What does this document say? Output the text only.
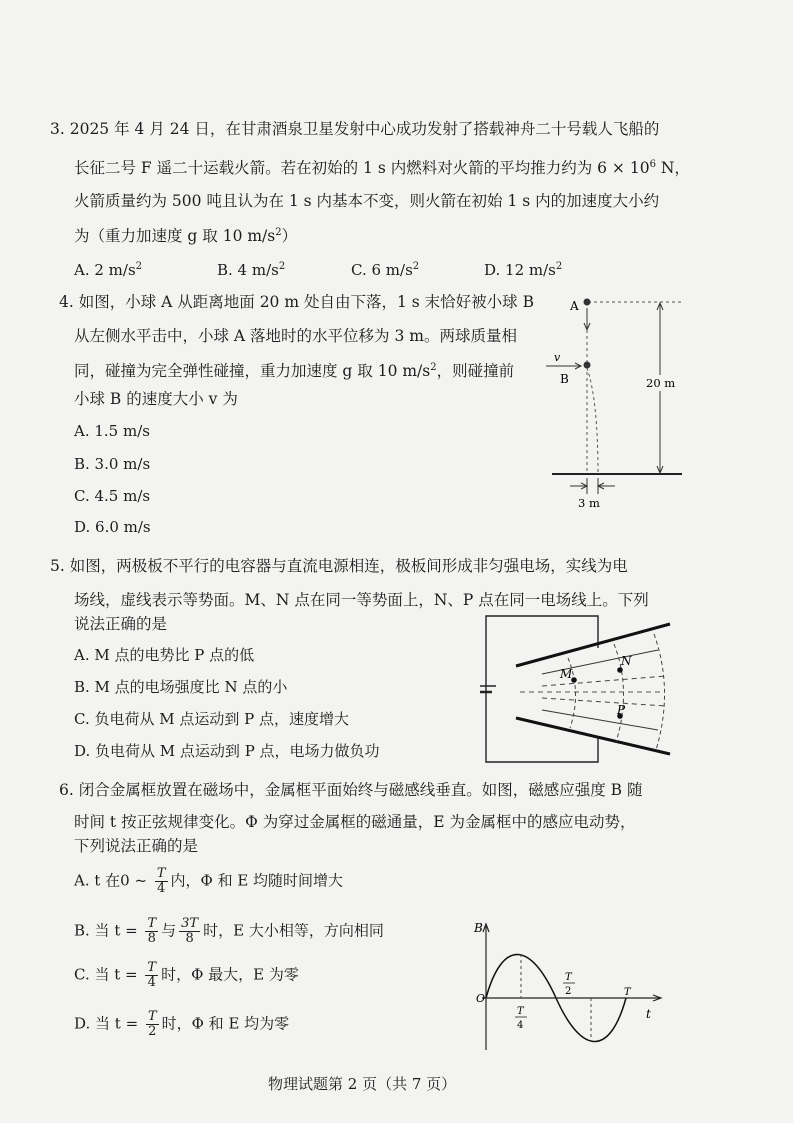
3. 2025 年 4 月 24 日，在甘肃酒泉卫星发射中心成功发射了搭载神舟二十号载人飞船的
长征二号 F 遥二十运载火箭。若在初始的 1 s 内燃料对火箭的平均推力约为 $6 \times 10^6$ N，
火箭质量约为 500 吨且认为在 1 s 内基本不变，则火箭在初始 1 s 内的加速度大小约
为（重力加速度 g 取 10 $m/s^2$）
A. 2 $m/s^2$	B. 4 $m/s^2$	C. 6 $m/s^2$	D. 12 $m/s^2$
4. 如图，小球 A 从距离地面 20 m 处自由下落，1 s 末恰好被小球 B
从左侧水平击中，小球 A 落地时的水平位移为 3 m。两球质量相
同，碰撞为完全弹性碰撞，重力加速度 g 取 10 $m/s^2$，则碰撞前
小球 B 的速度大小 v 为
A. 1.5 m/s
B. 3.0 m/s
C. 4.5 m/s
D. 6.0 m/s
A
v
B	20 m
3 m
5. 如图，两极板不平行的电容器与直流电源相连，极板间形成非匀强电场，实线为电
场线，虚线表示等势面。M、N 点在同一等势面上，N、P 点在同一电场线上。下列
说法正确的是
A. M 点的电势比 P 点的低
B. M 点的电场强度比 N 点的小
C. 负电荷从 M 点运动到 P 点，速度增大
D. 负电荷从 M 点运动到 P 点，电场力做负功
M
N
P
6. 闭合金属框放置在磁场中，金属框平面始终与磁感线垂直。如图，磁感应强度 B 随
时间 t 按正弦规律变化。Φ 为穿过金属框的磁通量，E 为金属框中的感应电动势，
下列说法正确的是
A. t 在0 ~ $\frac{T}{4}$ 内，Φ 和 E 均随时间增大
B. 当 $t = \frac{T}{8}$ 与 $\frac{3T}{8}$ 时，E 大小相等，方向相同
C. 当 $t = \frac{T}{4}$ 时，Φ 最大，E 为零
D. 当 $t = \frac{T}{2}$ 时，Φ 和 E 均为零
B
t
O
T
4
T
2	T
物理试题第 2 页（共 7 页）
